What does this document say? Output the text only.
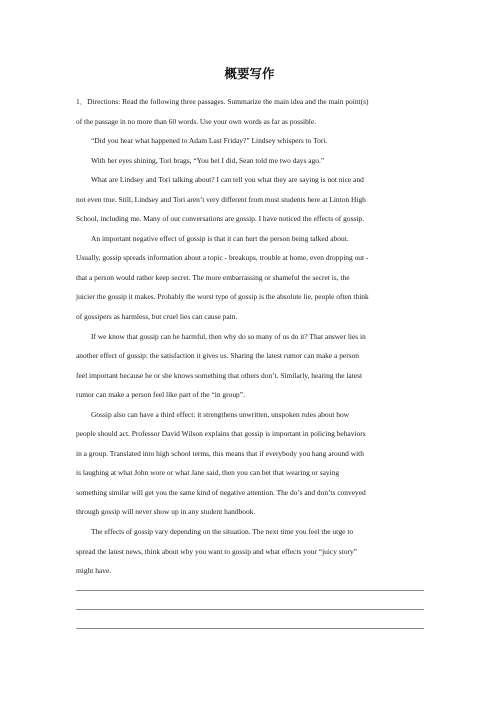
概要写作
1．Directions: Read the following three passages. Summarize the main idea and the main point(s)
of the passage in no more than 60 words. Use your own words as far as possible.
“Did you hear what happened to Adam Last Friday?” Lindsey whispers to Tori.
With her eyes shining, Tori brags, “You bet I did, Sean told me two days ago.”
What are Lindsey and Tori talking about? I can tell you what they are saying is not nice and
not even true. Still, Lindsey and Tori aren’t very different from most students here at Linton High
School, including me. Many of our conversations are gossip. I have noticed the effects of gossip.
An important negative effect of gossip is that it can hurt the person being talked about.
Usually, gossip spreads information about a topic - breakups, trouble at home, even dropping out -
that a person would rather keep secret. The more embarrassing or shameful the secret is, the
juicier the gossip it makes. Probably the worst type of gossip is the absolute lie, people often think
of gossipers as harmless, but cruel lies can cause pain.
If we know that gossip can be harmful, then why do so many of us do it? That answer lies in
another effect of gossip: the satisfaction it gives us. Sharing the latest rumor can make a person
feel important because he or she knows something that others don’t. Similarly, hearing the latest
rumor can make a person feel like part of the “in group”.
Gossip also can have a third effect: it strengthens unwritten, unspoken rules about how
people should act. Professor David Wilson explains that gossip is important in policing behaviors
in a group. Translated into high school terms, this means that if everybody you hang around with
is laughing at what John wore or what Jane said, then you can bet that wearing or saying
something similar will get you the same kind of negative attention. The do’s and don’ts conveyed
through gossip will never show up in any student handbook.
The effects of gossip vary depending on the situation. The next time you feel the urge to
spread the latest news, think about why you want to gossip and what effects your “juicy story”
might have.
